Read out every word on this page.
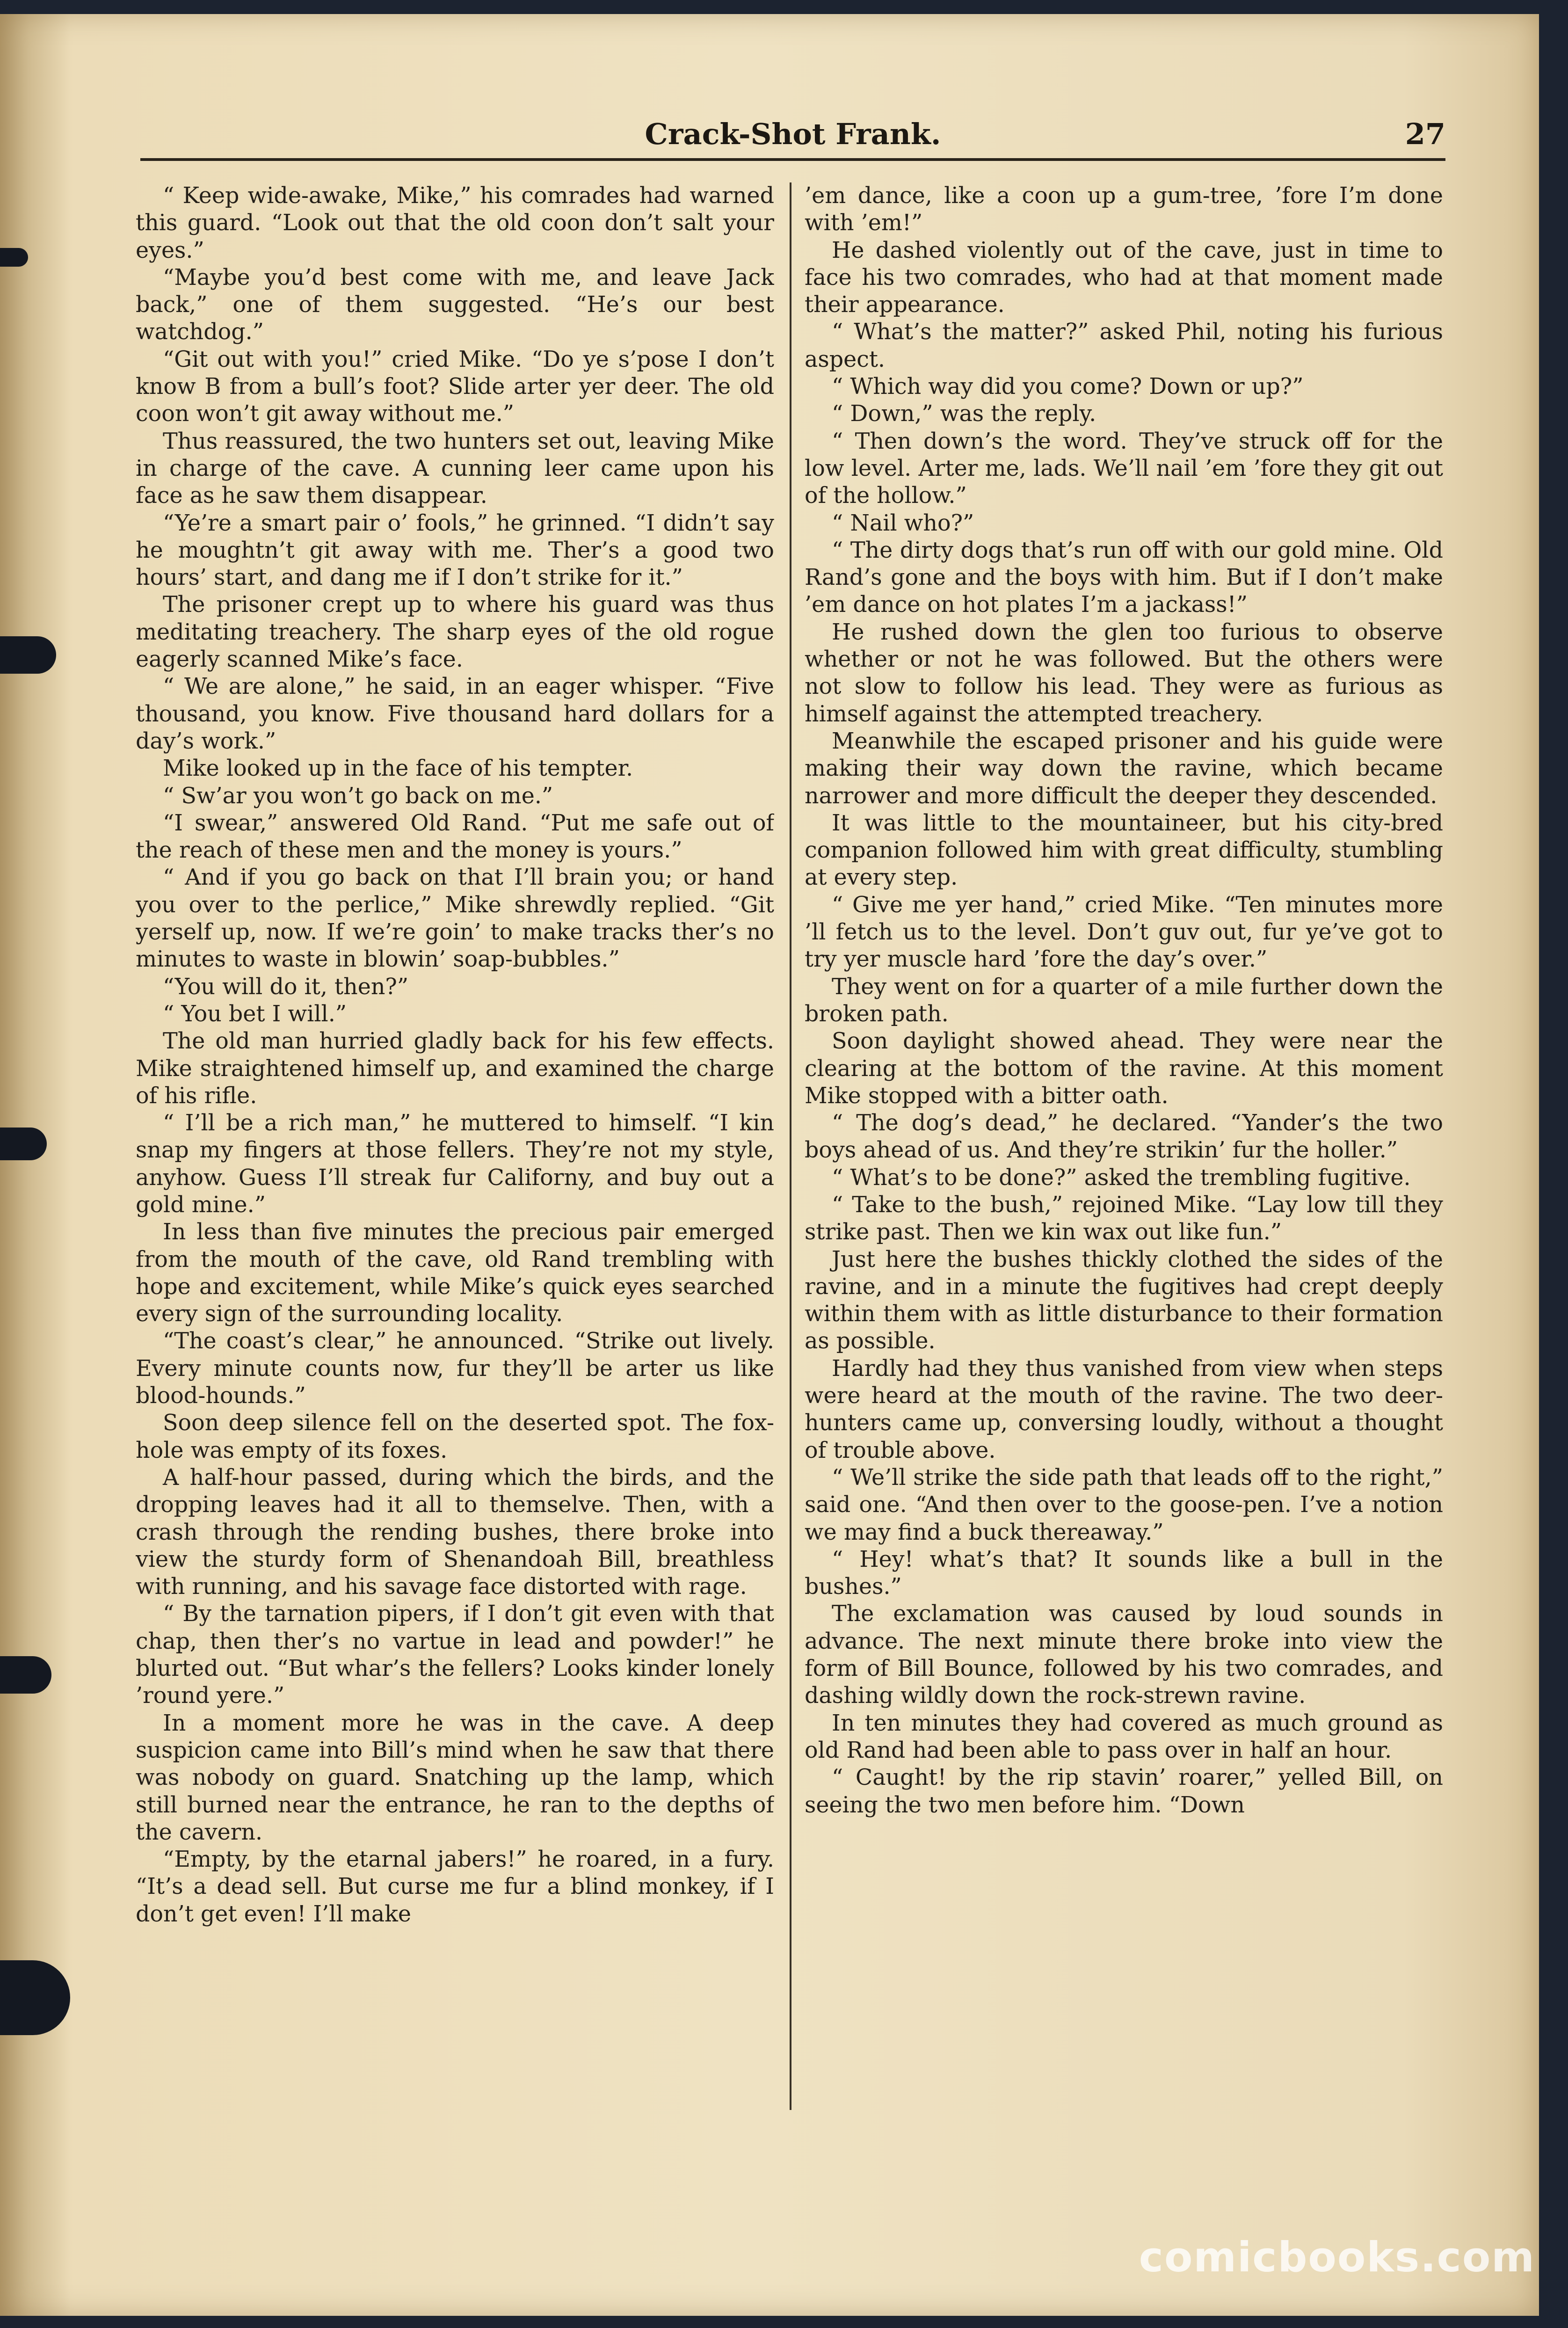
Crack-Shot Frank.	27

“ Keep wide-awake, Mike,” his comrades had warned this guard. “Look out that the old coon don’t salt your eyes.”

“Maybe you’d best come with me, and leave Jack back,” one of them suggested. “He’s our best watchdog.”

“Git out with you!” cried Mike. “Do ye s’pose I don’t know B from a bull’s foot? Slide arter yer deer. The old coon won’t git away without me.”

Thus reassured, the two hunters set out, leaving Mike in charge of the cave. A cunning leer came upon his face as he saw them disappear.

“Ye’re a smart pair o’ fools,” he grinned. “I didn’t say he moughtn’t git away with me. Ther’s a good two hours’ start, and dang me if I don’t strike for it.”

The prisoner crept up to where his guard was thus meditating treachery. The sharp eyes of the old rogue eagerly scanned Mike’s face.

“ We are alone,” he said, in an eager whisper. “Five thousand, you know. Five thousand hard dollars for a day’s work.”

Mike looked up in the face of his tempter.

“ Sw’ar you won’t go back on me.”

“I swear,” answered Old Rand. “Put me safe out of the reach of these men and the money is yours.”

“ And if you go back on that I’ll brain you; or hand you over to the perlice,” Mike shrewdly replied. “Git yerself up, now. If we’re goin’ to make tracks ther’s no minutes to waste in blowin’ soap-bubbles.”

“You will do it, then?”

“ You bet I will.”

The old man hurried gladly back for his few effects. Mike straightened himself up, and examined the charge of his rifle.

“ I’ll be a rich man,” he muttered to himself. “I kin snap my fingers at those fellers. They’re not my style, anyhow. Guess I’ll streak fur Californy, and buy out a gold mine.”

In less than five minutes the precious pair emerged from the mouth of the cave, old Rand trembling with hope and excitement, while Mike’s quick eyes searched every sign of the surrounding locality.

“The coast’s clear,” he announced. “Strike out lively. Every minute counts now, fur they’ll be arter us like blood-hounds.”

Soon deep silence fell on the deserted spot. The fox-hole was empty of its foxes.

A half-hour passed, during which the birds, and the dropping leaves had it all to themselve. Then, with a crash through the rending bushes, there broke into view the sturdy form of Shenandoah Bill, breathless with running, and his savage face distorted with rage.

“ By the tarnation pipers, if I don’t git even with that chap, then ther’s no vartue in lead and powder!” he blurted out. “But whar’s the fellers? Looks kinder lonely ’round yere.”

In a moment more he was in the cave. A deep suspicion came into Bill’s mind when he saw that there was nobody on guard. Snatching up the lamp, which still burned near the entrance, he ran to the depths of the cavern.

“Empty, by the etarnal jabers!” he roared, in a fury. “It’s a dead sell. But curse me fur a blind monkey, if I don’t get even! I’ll make

’em dance, like a coon up a gum-tree, ’fore I’m done with ’em!”

He dashed violently out of the cave, just in time to face his two comrades, who had at that moment made their appearance.

“ What’s the matter?” asked Phil, noting his furious aspect.

“ Which way did you come? Down or up?”

“ Down,” was the reply.

“ Then down’s the word. They’ve struck off for the low level. Arter me, lads. We’ll nail ’em ’fore they git out of the hollow.”

“ Nail who?”

“ The dirty dogs that’s run off with our gold mine. Old Rand’s gone and the boys with him. But if I don’t make ’em dance on hot plates I’m a jackass!”

He rushed down the glen too furious to observe whether or not he was followed. But the others were not slow to follow his lead. They were as furious as himself against the attempted treachery.

Meanwhile the escaped prisoner and his guide were making their way down the ravine, which became narrower and more difficult the deeper they descended.

It was little to the mountaineer, but his city-bred companion followed him with great difficulty, stumbling at every step.

“ Give me yer hand,” cried Mike. “Ten minutes more ’ll fetch us to the level. Don’t guv out, fur ye’ve got to try yer muscle hard ’fore the day’s over.”

They went on for a quarter of a mile further down the broken path.

Soon daylight showed ahead. They were near the clearing at the bottom of the ravine. At this moment Mike stopped with a bitter oath.

“ The dog’s dead,” he declared. “Yander’s the two boys ahead of us. And they’re strikin’ fur the holler.”

“ What’s to be done?” asked the trembling fugitive.

“ Take to the bush,” rejoined Mike. “Lay low till they strike past. Then we kin wax out like fun.”

Just here the bushes thickly clothed the sides of the ravine, and in a minute the fugitives had crept deeply within them with as little disturbance to their formation as possible.

Hardly had they thus vanished from view when steps were heard at the mouth of the ravine. The two deer-hunters came up, conversing loudly, without a thought of trouble above.

“ We’ll strike the side path that leads off to the right,” said one. “And then over to the goose-pen. I’ve a notion we may find a buck thereaway.”

“ Hey! what’s that? It sounds like a bull in the bushes.”

The exclamation was caused by loud sounds in advance. The next minute there broke into view the form of Bill Bounce, followed by his two comrades, and dashing wildly down the rock-strewn ravine.

In ten minutes they had covered as much ground as old Rand had been able to pass over in half an hour.

“ Caught! by the rip stavin’ roarer,” yelled Bill, on seeing the two men before him. “Down

comicbooks.com
